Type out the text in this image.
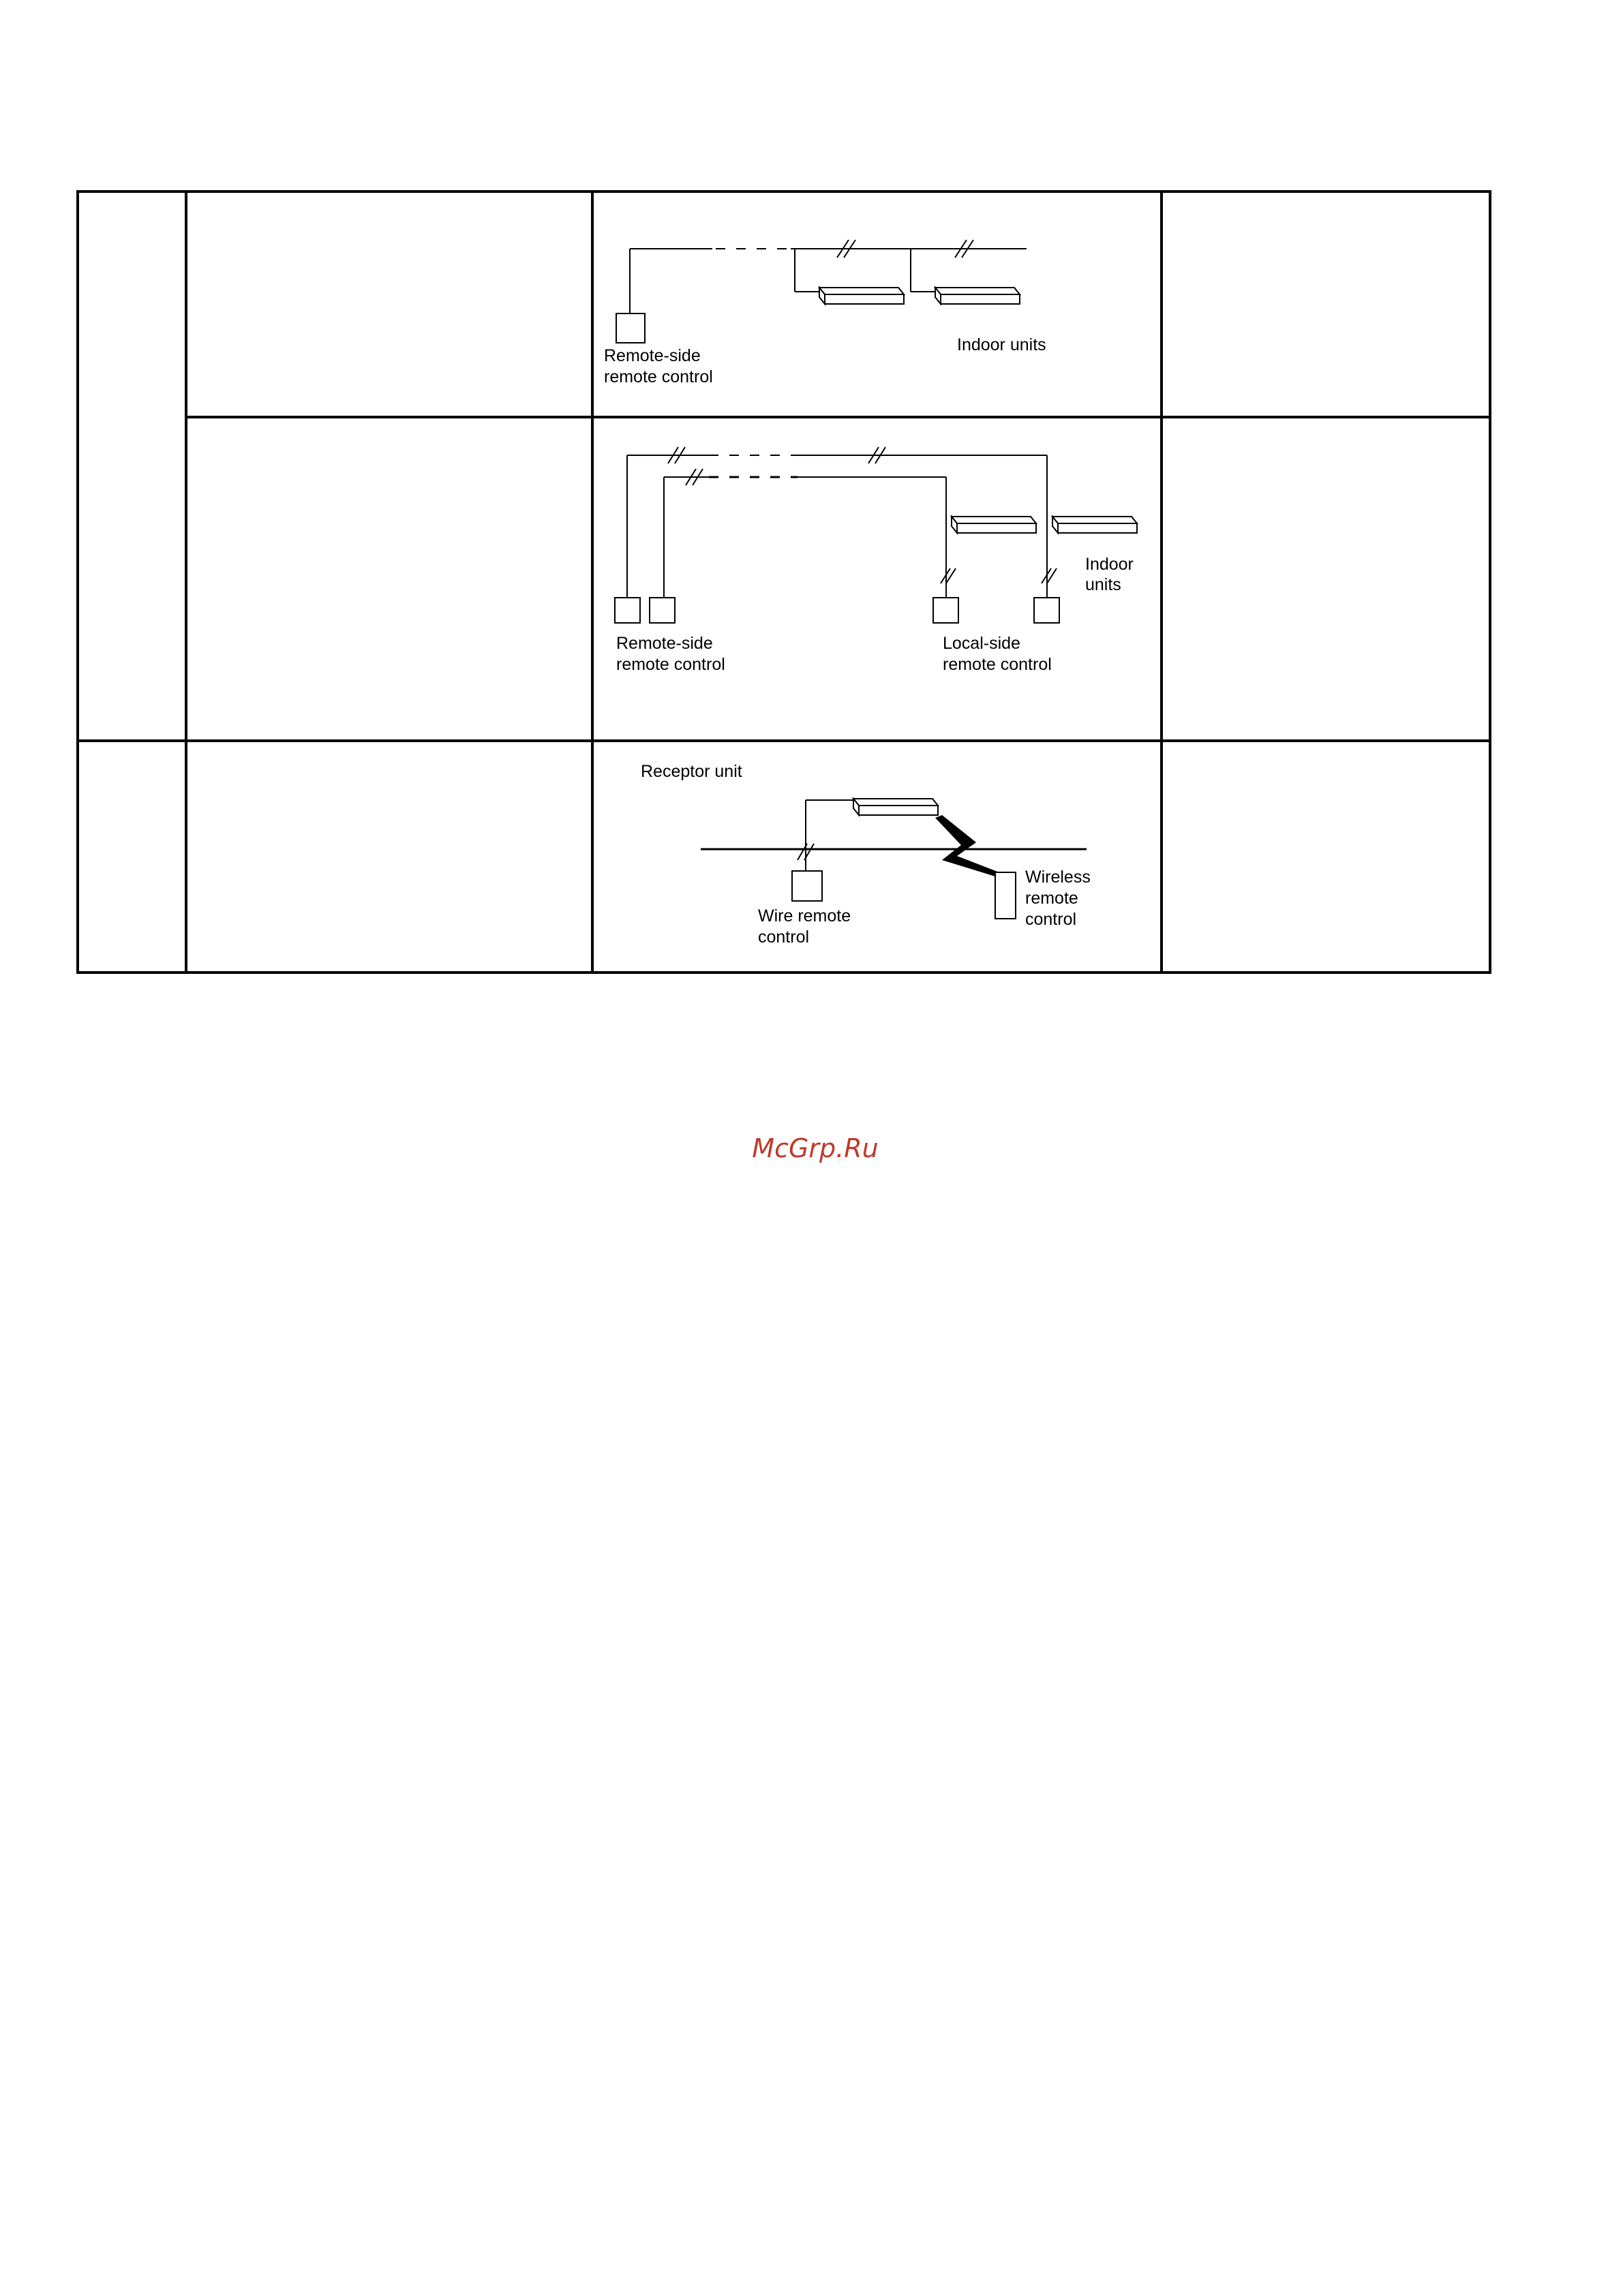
Remote-side
remote control
Indoor units
Remote-side
remote control
Local-side
remote control
Indoor
units
Receptor unit
Wire remote
control
Wireless
remote
control
McGrp.Ru
